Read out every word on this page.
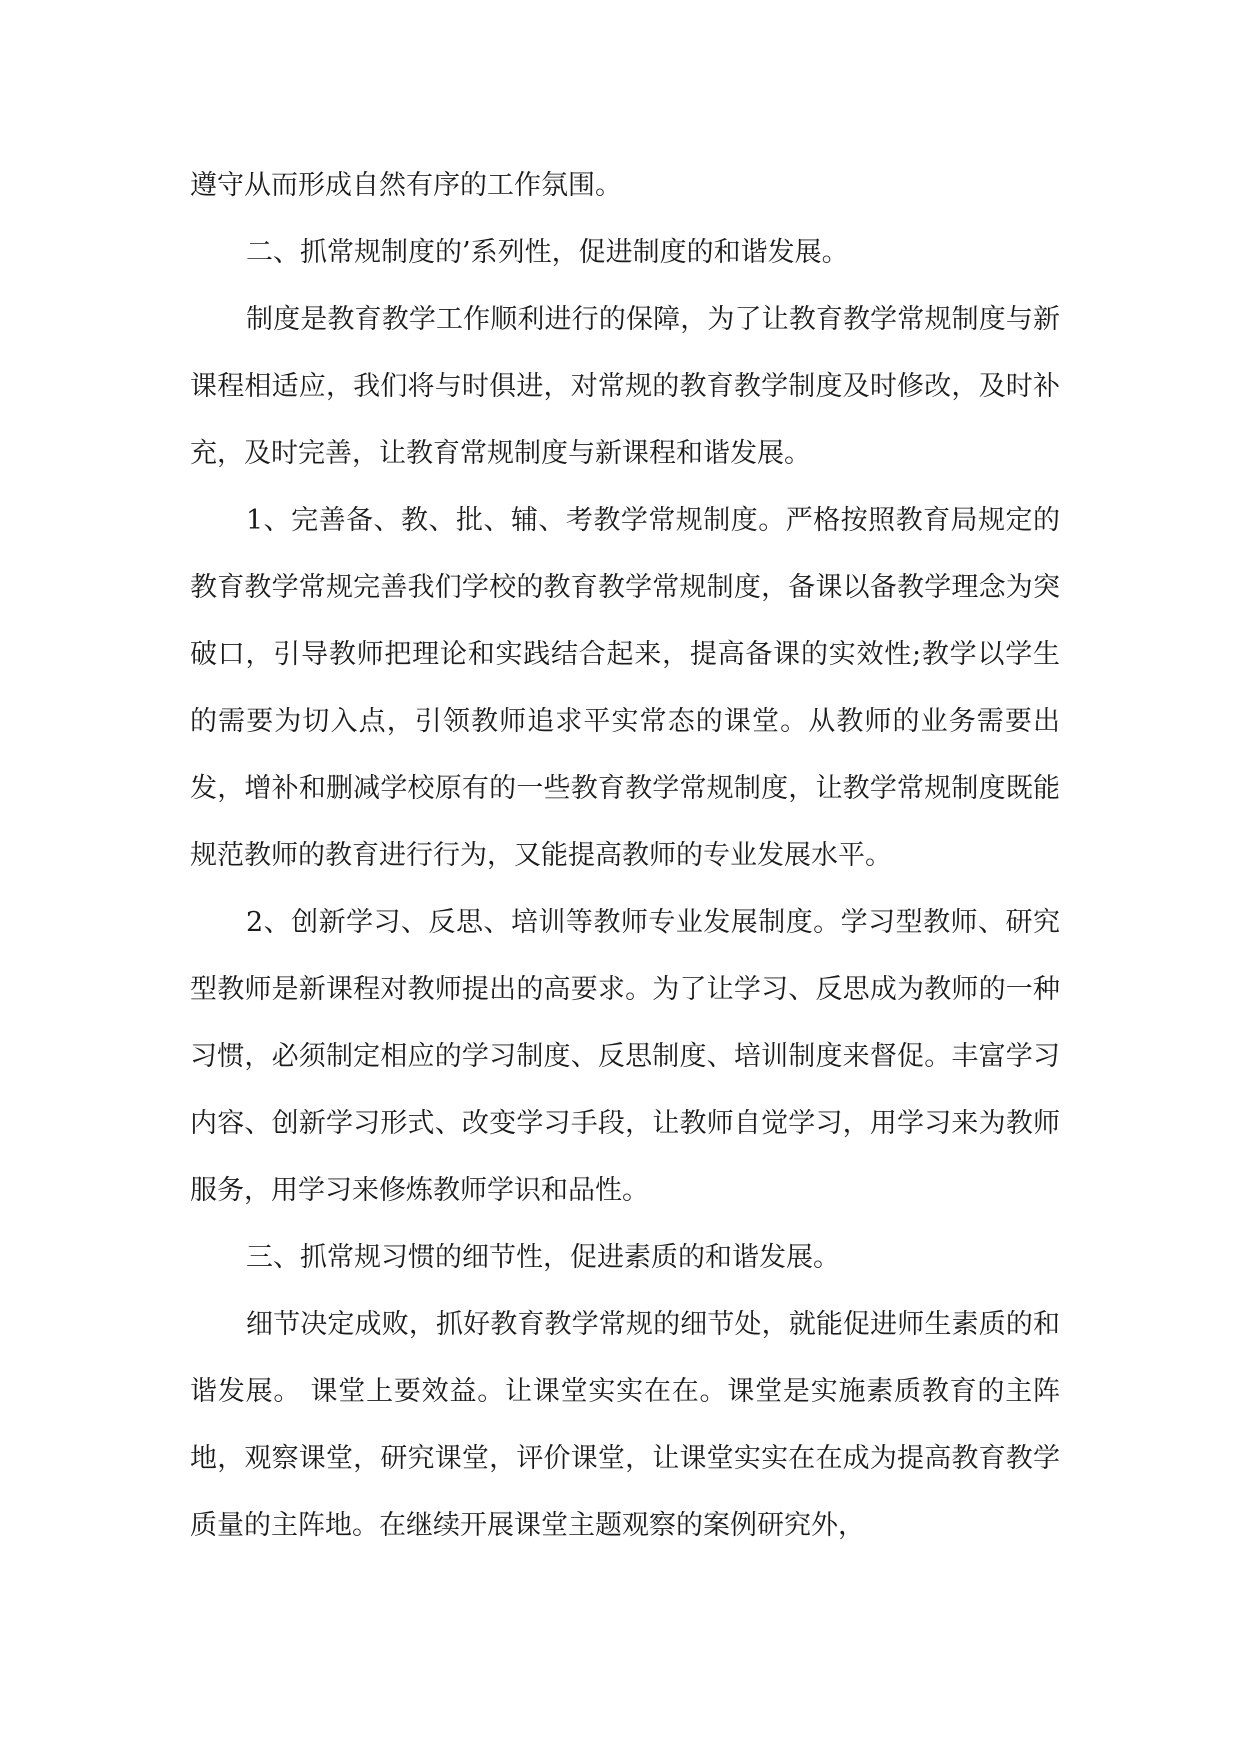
遵守从而形成自然有序的工作氛围。

二、抓常规制度的’系列性，促进制度的和谐发展。

制度是教育教学工作顺利进行的保障，为了让教育教学常规制度与新课程相适应，我们将与时俱进，对常规的教育教学制度及时修改，及时补充，及时完善，让教育常规制度与新课程和谐发展。

1、完善备、教、批、辅、考教学常规制度。严格按照教育局规定的教育教学常规完善我们学校的教育教学常规制度，备课以备教学理念为突破口，引导教师把理论和实践结合起来，提高备课的实效性;教学以学生的需要为切入点，引领教师追求平实常态的课堂。从教师的业务需要出发，增补和删减学校原有的一些教育教学常规制度，让教学常规制度既能规范教师的教育进行行为，又能提高教师的专业发展水平。

2、创新学习、反思、培训等教师专业发展制度。学习型教师、研究型教师是新课程对教师提出的高要求。为了让学习、反思成为教师的一种习惯，必须制定相应的学习制度、反思制度、培训制度来督促。丰富学习内容、创新学习形式、改变学习手段，让教师自觉学习，用学习来为教师服务，用学习来修炼教师学识和品性。

三、抓常规习惯的细节性，促进素质的和谐发展。

细节决定成败，抓好教育教学常规的细节处，就能促进师生素质的和谐发展。 课堂上要效益。让课堂实实在在。课堂是实施素质教育的主阵地，观察课堂，研究课堂，评价课堂，让课堂实实在在成为提高教育教学质量的主阵地。在继续开展课堂主题观察的案例研究外，
